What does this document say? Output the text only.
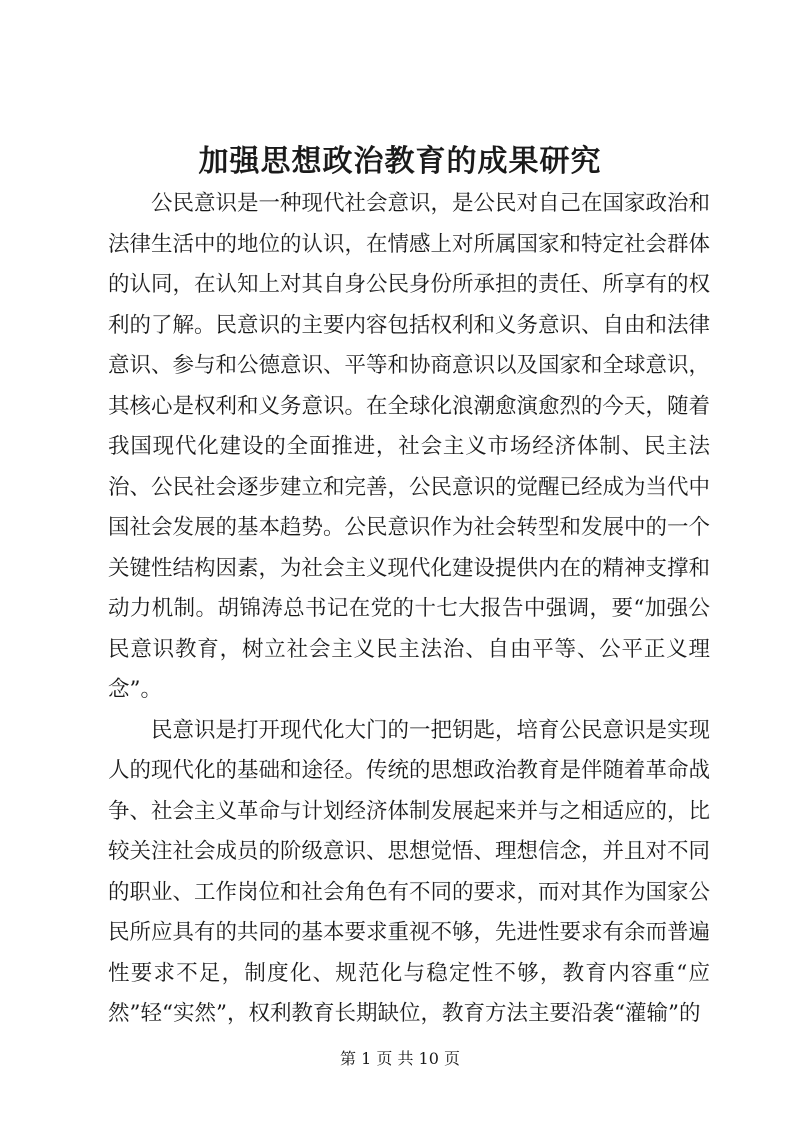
加强思想政治教育的成果研究

公民意识是一种现代社会意识，是公民对自己在国家政治和法律生活中的地位的认识，在情感上对所属国家和特定社会群体的认同，在认知上对其自身公民身份所承担的责任、所享有的权利的了解。民意识的主要内容包括权利和义务意识、自由和法律意识、参与和公德意识、平等和协商意识以及国家和全球意识，其核心是权利和义务意识。在全球化浪潮愈演愈烈的今天，随着我国现代化建设的全面推进，社会主义市场经济体制、民主法治、公民社会逐步建立和完善，公民意识的觉醒已经成为当代中国社会发展的基本趋势。公民意识作为社会转型和发展中的一个关键性结构因素，为社会主义现代化建设提供内在的精神支撑和动力机制。胡锦涛总书记在党的十七大报告中强调，要“加强公民意识教育，树立社会主义民主法治、自由平等、公平正义理念”。

民意识是打开现代化大门的一把钥匙，培育公民意识是实现人的现代化的基础和途径。传统的思想政治教育是伴随着革命战争、社会主义革命与计划经济体制发展起来并与之相适应的，比较关注社会成员的阶级意识、思想觉悟、理想信念，并且对不同的职业、工作岗位和社会角色有不同的要求，而对其作为国家公民所应具有的共同的基本要求重视不够，先进性要求有余而普遍性要求不足，制度化、规范化与稳定性不够，教育内容重“应然”轻“实然”，权利教育长期缺位，教育方法主要沿袭“灌输”的

第 1 页 共 10 页
